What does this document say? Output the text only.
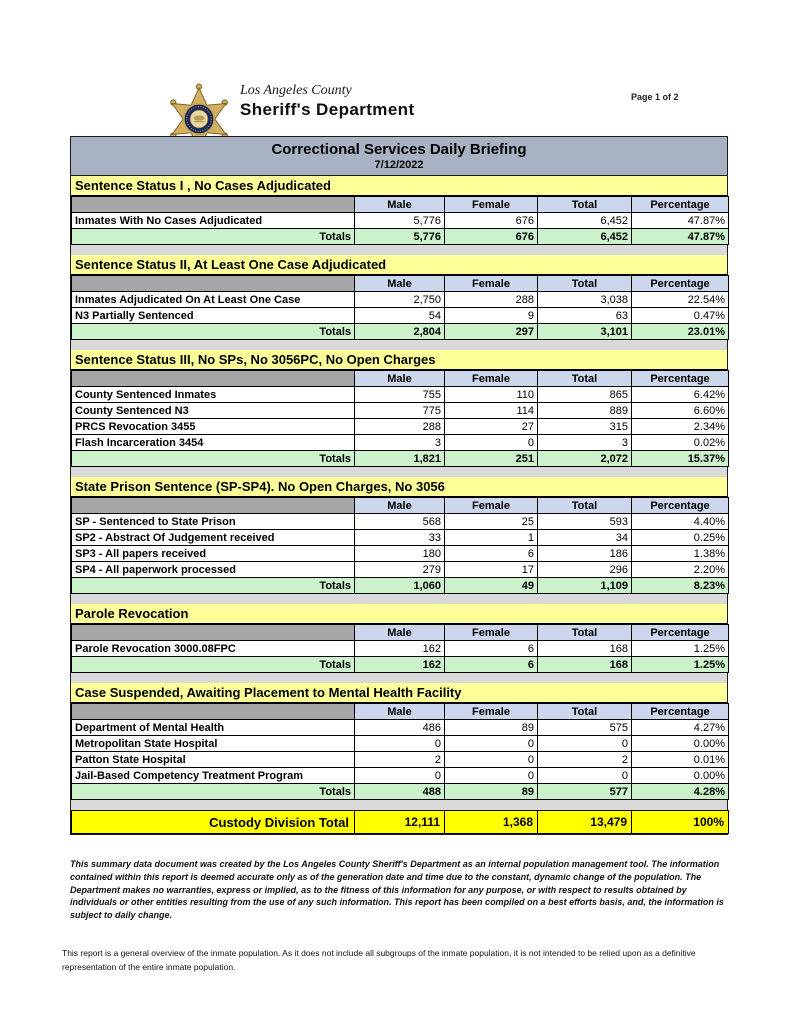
Los Angeles County
Sheriff's Department
Page 1 of 2
Correctional Services Daily Briefing
7/12/2022
Sentence Status I , No Cases Adjudicated
	Male	Female	Total	Percentage
Inmates With No Cases Adjudicated	5,776	676	6,452	47.87%
Totals	5,776	676	6,452	47.87%
Sentence Status II, At Least One Case Adjudicated
	Male	Female	Total	Percentage
Inmates Adjudicated On At Least One Case	2,750	288	3,038	22.54%
N3 Partially Sentenced	54	9	63	0.47%
Totals	2,804	297	3,101	23.01%
Sentence Status III, No SPs, No 3056PC, No Open Charges
	Male	Female	Total	Percentage
County Sentenced Inmates	755	110	865	6.42%
County Sentenced N3	775	114	889	6.60%
PRCS Revocation 3455	288	27	315	2.34%
Flash Incarceration 3454	3	0	3	0.02%
Totals	1,821	251	2,072	15.37%
State Prison Sentence (SP-SP4). No Open Charges, No 3056
	Male	Female	Total	Percentage
SP - Sentenced to State Prison	568	25	593	4.40%
SP2 - Abstract Of Judgement received	33	1	34	0.25%
SP3 - All papers received	180	6	186	1.38%
SP4 - All paperwork processed	279	17	296	2.20%
Totals	1,060	49	1,109	8.23%
Parole Revocation
	Male	Female	Total	Percentage
Parole Revocation 3000.08FPC	162	6	168	1.25%
Totals	162	6	168	1.25%
Case Suspended, Awaiting Placement to Mental Health Facility
	Male	Female	Total	Percentage
Department of Mental Health	486	89	575	4.27%
Metropolitan State Hospital	0	0	0	0.00%
Patton State Hospital	2	0	2	0.01%
Jail-Based Competency Treatment Program	0	0	0	0.00%
Totals	488	89	577	4.28%
Custody Division Total	12,111	1,368	13,479	100%

This summary data document was created by the Los Angeles County Sheriff's Department as an internal population management tool. The information contained within this report is deemed accurate only as of the generation date and time due to the constant, dynamic change of the population. The Department makes no warranties, express or implied, as to the fitness of this information for any purpose, or with respect to results obtained by individuals or other entities resulting from the use of any such information. This report has been compiled on a best efforts basis, and, the information is subject to daily change.

This report is a general overview of the inmate population. As it does not include all subgroups of the inmate population, it is not intended to be relied upon as a definitive representation of the entire inmate population.
